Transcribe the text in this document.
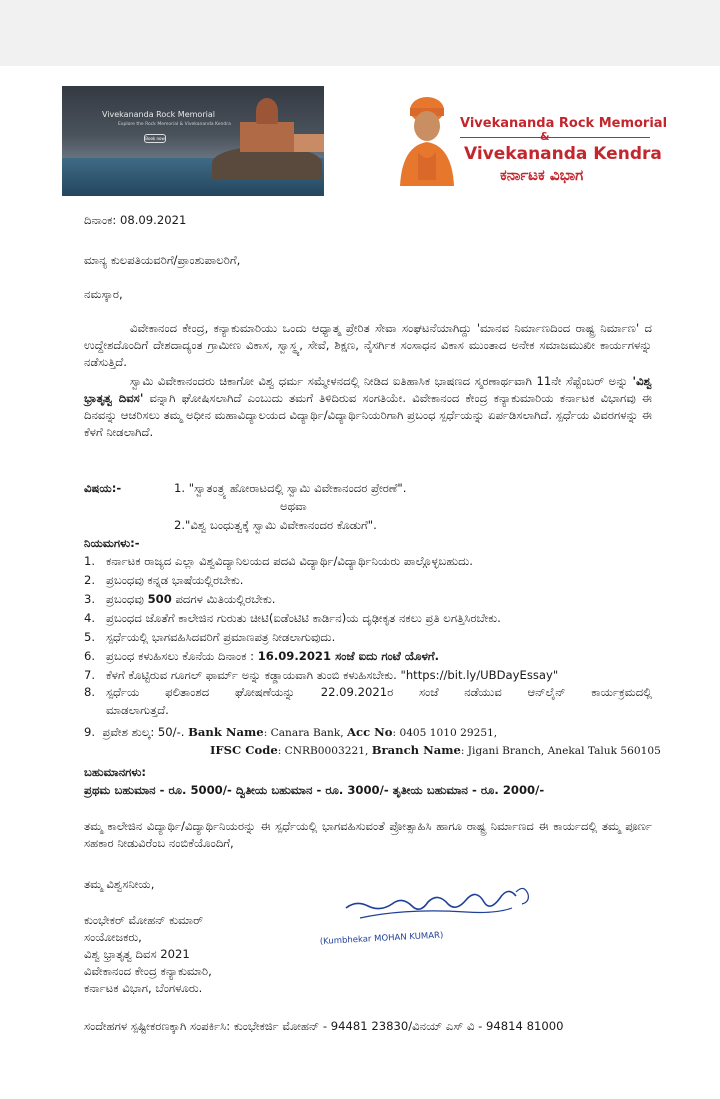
Vivekananda Rock Memorial
Explore the Rock Memorial & Vivekananda Kendra
Book now
Vivekananda Rock Memorial
Vivekananda Kendra
ಕರ್ನಾಟಕ ವಿಭಾಗ
ದಿನಾಂಕ: 08.09.2021
ಮಾನ್ಯ ಕುಲಪತಿಯವರಿಗೆ/ಪ್ರಾಂಶುಪಾಲರಿಗೆ,
ನಮಸ್ಕಾರ,
ವಿವೇಕಾನಂದ ಕೇಂದ್ರ, ಕನ್ಯಾಕುಮಾರಿಯು ಒಂದು ಆಧ್ಯಾತ್ಮ ಪ್ರೇರಿತ ಸೇವಾ ಸಂಘಟನೆಯಾಗಿದ್ದು 'ಮಾನವ ನಿರ್ಮಾಣದಿಂದ ರಾಷ್ಟ್ರ ನಿರ್ಮಾಣ' ದ ಉದ್ದೇಶದೊಂದಿಗೆ ದೇಶದಾದ್ಯಂತ ಗ್ರಾಮೀಣ ವಿಕಾಸ, ಸ್ವಾಸ್ಥ್ಯ, ಸೇವೆ, ಶಿಕ್ಷಣ, ನೈಸರ್ಗಿಕ ಸಂಸಾಧನ ವಿಕಾಸ ಮುಂತಾದ ಅನೇಕ ಸಮಾಜಮುಖೀ ಕಾರ್ಯಗಳನ್ನು ನಡೆಸುತ್ತಿದೆ.
ಸ್ವಾಮಿ ವಿವೇಕಾನಂದರು ಚಿಕಾಗೋ ವಿಶ್ವ ಧರ್ಮ ಸಮ್ಮೇಳನದಲ್ಲಿ ನೀಡಿದ ಐತಿಹಾಸಿಕ ಭಾಷಣದ ಸ್ಮರಣಾರ್ಥವಾಗಿ 11ನೇ ಸೆಪ್ಟೆಂಬರ್ ಅನ್ನು 'ವಿಶ್ವ ಭ್ರಾತೃತ್ವ ದಿವಸ' ವನ್ನಾಗಿ ಘೋಷಿಸಲಾಗಿದೆ ಎಂಬುದು ತಮಗೆ ತಿಳಿದಿರುವ ಸಂಗತಿಯೇ. ವಿವೇಕಾನಂದ ಕೇಂದ್ರ ಕನ್ಯಾಕುಮಾರಿಯ ಕರ್ನಾಟಕ ವಿಭಾಗವು ಈ ದಿನವನ್ನು ಆಚರಿಸಲು ತಮ್ಮ ಅಧೀನ ಮಹಾವಿದ್ಯಾಲಯದ ವಿದ್ಯಾರ್ಥಿ/ವಿದ್ಯಾರ್ಥಿನಿಯರಿಗಾಗಿ ಪ್ರಬಂಧ ಸ್ಪರ್ಧೆಯನ್ನು ಏರ್ಪಡಿಸಲಾಗಿದೆ. ಸ್ಪರ್ಧೆಯ ವಿವರಗಳನ್ನು ಈ ಕೆಳಗೆ ನೀಡಲಾಗಿದೆ.
ವಿಷಯ:-	1. "ಸ್ವಾತಂತ್ರ್ಯ ಹೋರಾಟದಲ್ಲಿ ಸ್ವಾಮಿ ವಿವೇಕಾನಂದರ ಪ್ರೇರಣೆ".
ಅಥವಾ
2."ವಿಶ್ವ ಬಂಧುತ್ವಕ್ಕೆ ಸ್ವಾಮಿ ವಿವೇಕಾನಂದರ ಕೊಡುಗೆ".
ನಿಯಮಗಳು:-
1. ಕರ್ನಾಟಕ ರಾಜ್ಯದ ಎಲ್ಲಾ ವಿಶ್ವವಿದ್ಯಾನಿಲಯದ ಪದವಿ ವಿದ್ಯಾರ್ಥಿ/ವಿದ್ಯಾರ್ಥಿನಿಯರು ಪಾಲ್ಗೊಳ್ಳಬಹುದು.
2. ಪ್ರಬಂಧವು ಕನ್ನಡ ಭಾಷೆಯಲ್ಲಿರಬೇಕು.
3. ಪ್ರಬಂಧವು 500 ಪದಗಳ ಮಿತಿಯಲ್ಲಿರಬೇಕು.
4. ಪ್ರಬಂಧದ ಜೊತೆಗೆ ಕಾಲೇಜಿನ ಗುರುತು ಚೀಟಿ(ಐಡೆಂಟಿಟಿ ಕಾರ್ಡಿನ)ಯ ದೃಢೀಕೃತ ನಕಲು ಪ್ರತಿ ಲಗತ್ತಿಸಿರಬೇಕು.
5. ಸ್ಪರ್ಧೆಯಲ್ಲಿ ಭಾಗವಹಿಸಿದವರಿಗೆ ಪ್ರಮಾಣಪತ್ರ ನೀಡಲಾಗುವುದು.
6. ಪ್ರಬಂಧ ಕಳುಹಿಸಲು ಕೊನೆಯ ದಿನಾಂಕ : 16.09.2021 ಸಂಜೆ ಐದು ಗಂಟೆ ಯೊಳಗೆ.
7. ಕೆಳಗೆ ಕೊಟ್ಟಿರುವ ಗೂಗಲ್ ಫಾರ್ಮ್ ಅನ್ನು ಕಡ್ಡಾಯವಾಗಿ ತುಂಬಿ ಕಳುಹಿಸಬೇಕು. "https://bit.ly/UBDayEssay"
8. ಸ್ಪರ್ಧೆಯ ಫಲಿತಾಂಶದ ಘೋಷಣೆಯನ್ನು 22.09.2021ರ ಸಂಜೆ ನಡೆಯುವ ಆನ್‌ಲೈನ್ ಕಾರ್ಯಕ್ರಮದಲ್ಲಿ
ಮಾಡಲಾಗುತ್ತದೆ.
9. ಪ್ರವೇಶ ಶುಲ್ಕ: 50/-. Bank Name: Canara Bank, Acc No: 0405 1010 29251,
IFSC Code: CNRB0003221, Branch Name: Jigani Branch, Anekal Taluk 560105
ಬಹುಮಾನಗಳು:
ಪ್ರಥಮ ಬಹುಮಾನ - ರೂ. 5000/- ದ್ವಿತೀಯ ಬಹುಮಾನ - ರೂ. 3000/- ತೃತೀಯ ಬಹುಮಾನ - ರೂ. 2000/-
ತಮ್ಮ ಕಾಲೇಜಿನ ವಿದ್ಯಾರ್ಥಿ/ವಿದ್ಯಾರ್ಥಿನಿಯರನ್ನು ಈ ಸ್ಪರ್ಧೆಯಲ್ಲಿ ಭಾಗವಹಿಸುವಂತೆ ಪ್ರೋತ್ಸಾಹಿಸಿ ಹಾಗೂ ರಾಷ್ಟ್ರ ನಿರ್ಮಾಣದ ಈ ಕಾರ್ಯದಲ್ಲಿ ತಮ್ಮ ಪೂರ್ಣ ಸಹಕಾರ ನೀಡುವಿರೆಂಬ ನಂಬಿಕೆಯೊಂದಿಗೆ,
ತಮ್ಮ ವಿಶ್ವಸನೀಯ,
ಕುಂಭೇಕರ್ ಮೋಹನ್ ಕುಮಾರ್
ಸಂಯೋಜಕರು,
ವಿಶ್ವ ಭ್ರಾತೃತ್ವ ದಿವಸ 2021
ವಿವೇಕಾನಂದ ಕೇಂದ್ರ ಕನ್ಯಾಕುಮಾರಿ,
ಕರ್ನಾಟಕ ವಿಭಾಗ, ಬೆಂಗಳೂರು.
(Kumbhekar MOHAN KUMAR)
ಸಂದೇಹಗಳ ಸ್ಪಷ್ಟೀಕರಣಕ್ಕಾಗಿ ಸಂಪರ್ಕಿಸಿ: ಕುಂಭೇಕರ್ಜಿ ಮೋಹನ್ - 94481 23830/ವಿನಯ್ ಎಸ್ ವಿ - 94814 81000
